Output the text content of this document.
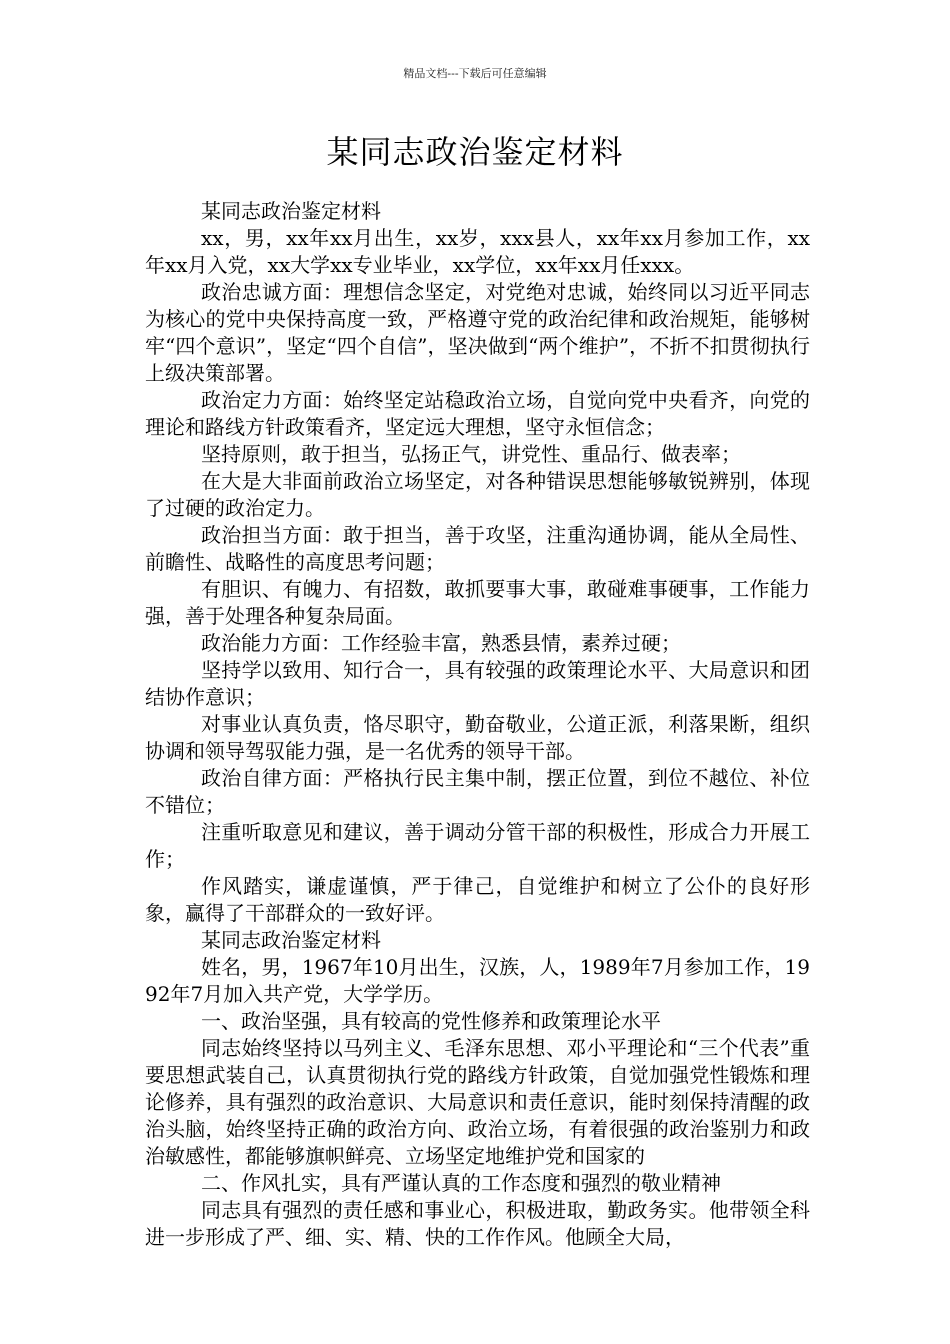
精品文档---下载后可任意编辑
某同志政治鉴定材料

某同志政治鉴定材料

xx，男，xx年xx月出生，xx岁，xxx县人，xx年xx月参加工作，xx年xx月入党，xx大学xx专业毕业，xx学位，xx年xx月任xxx。

政治忠诚方面：理想信念坚定，对党绝对忠诚，始终同以习近平同志为核心的党中央保持高度一致，严格遵守党的政治纪律和政治规矩，能够树牢“四个意识”，坚定“四个自信”，坚决做到“两个维护”，不折不扣贯彻执行上级决策部署。

政治定力方面：始终坚定站稳政治立场，自觉向党中央看齐，向党的理论和路线方针政策看齐，坚定远大理想，坚守永恒信念；

坚持原则，敢于担当，弘扬正气，讲党性、重品行、做表率；

在大是大非面前政治立场坚定，对各种错误思想能够敏锐辨别，体现了过硬的政治定力。

政治担当方面：敢于担当，善于攻坚，注重沟通协调，能从全局性、前瞻性、战略性的高度思考问题；

有胆识、有魄力、有招数，敢抓要事大事，敢碰难事硬事，工作能力强，善于处理各种复杂局面。

政治能力方面：工作经验丰富，熟悉县情，素养过硬；

坚持学以致用、知行合一，具有较强的政策理论水平、大局意识和团结协作意识；

对事业认真负责，恪尽职守，勤奋敬业，公道正派，利落果断，组织协调和领导驾驭能力强，是一名优秀的领导干部。

政治自律方面：严格执行民主集中制，摆正位置，到位不越位、补位不错位；

注重听取意见和建议，善于调动分管干部的积极性，形成合力开展工作；

作风踏实，谦虚谨慎，严于律己，自觉维护和树立了公仆的良好形象，赢得了干部群众的一致好评。

某同志政治鉴定材料

姓名，男，1967年10月出生，汉族，人，1989年7月参加工作，1992年7月加入共产党，大学学历。

一、政治坚强，具有较高的党性修养和政策理论水平

同志始终坚持以马列主义、毛泽东思想、邓小平理论和“三个代表”重要思想武装自己，认真贯彻执行党的路线方针政策，自觉加强党性锻炼和理论修养，具有强烈的政治意识、大局意识和责任意识，能时刻保持清醒的政治头脑，始终坚持正确的政治方向、政治立场，有着很强的政治鉴别力和政治敏感性，都能够旗帜鲜亮、立场坚定地维护党和国家的

二、作风扎实，具有严谨认真的工作态度和强烈的敬业精神

同志具有强烈的责任感和事业心，积极进取，勤政务实。他带领全科进一步形成了严、细、实、精、快的工作作风。他顾全大局，
